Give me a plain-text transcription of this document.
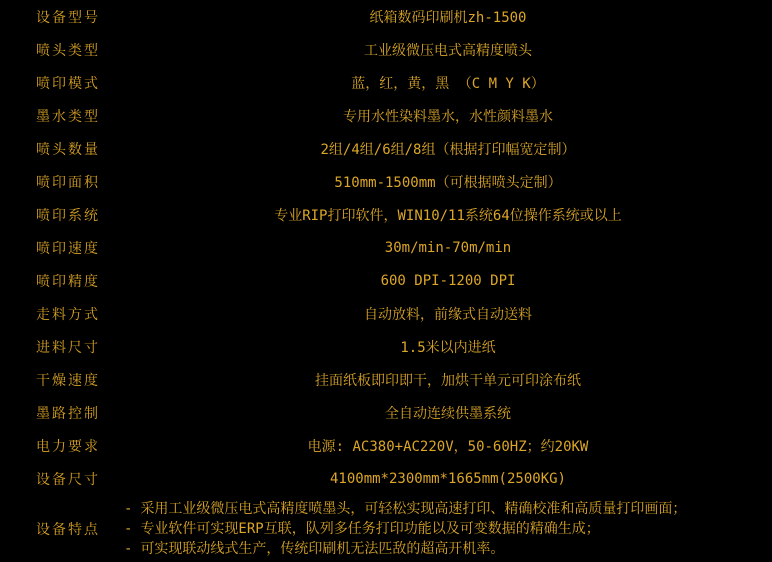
设备型号	纸箱数码印刷机zh-1500
喷头类型	工业级微压电式高精度喷头
喷印模式	蓝，红，黄，黑 （C M Y K）
墨水类型	专用水性染料墨水，水性颜料墨水
喷头数量	2组/4组/6组/8组（根据打印幅宽定制）
喷印面积	510mm-1500mm（可根据喷头定制）
喷印系统	专业RIP打印软件，WIN10/11系统64位操作系统或以上
喷印速度	30m/min-70m/min
喷印精度	600 DPI-1200 DPI
走料方式	自动放料，前缘式自动送料
进料尺寸	1.5米以内进纸
干燥速度	挂面纸板即印即干，加烘干单元可印涂布纸
墨路控制	全自动连续供墨系统
电力要求	电源: AC380+AC220V，50-60HZ；约20KW
设备尺寸	4100mm*2300mm*1665mm(2500KG)
设备特点
- 采用工业级微压电式高精度喷墨头，可轻松实现高速打印、精确校准和高质量打印画面；
- 专业软件可实现ERP互联，队列多任务打印功能以及可变数据的精确生成；
- 可实现联动线式生产，传统印刷机无法匹敌的超高开机率。
